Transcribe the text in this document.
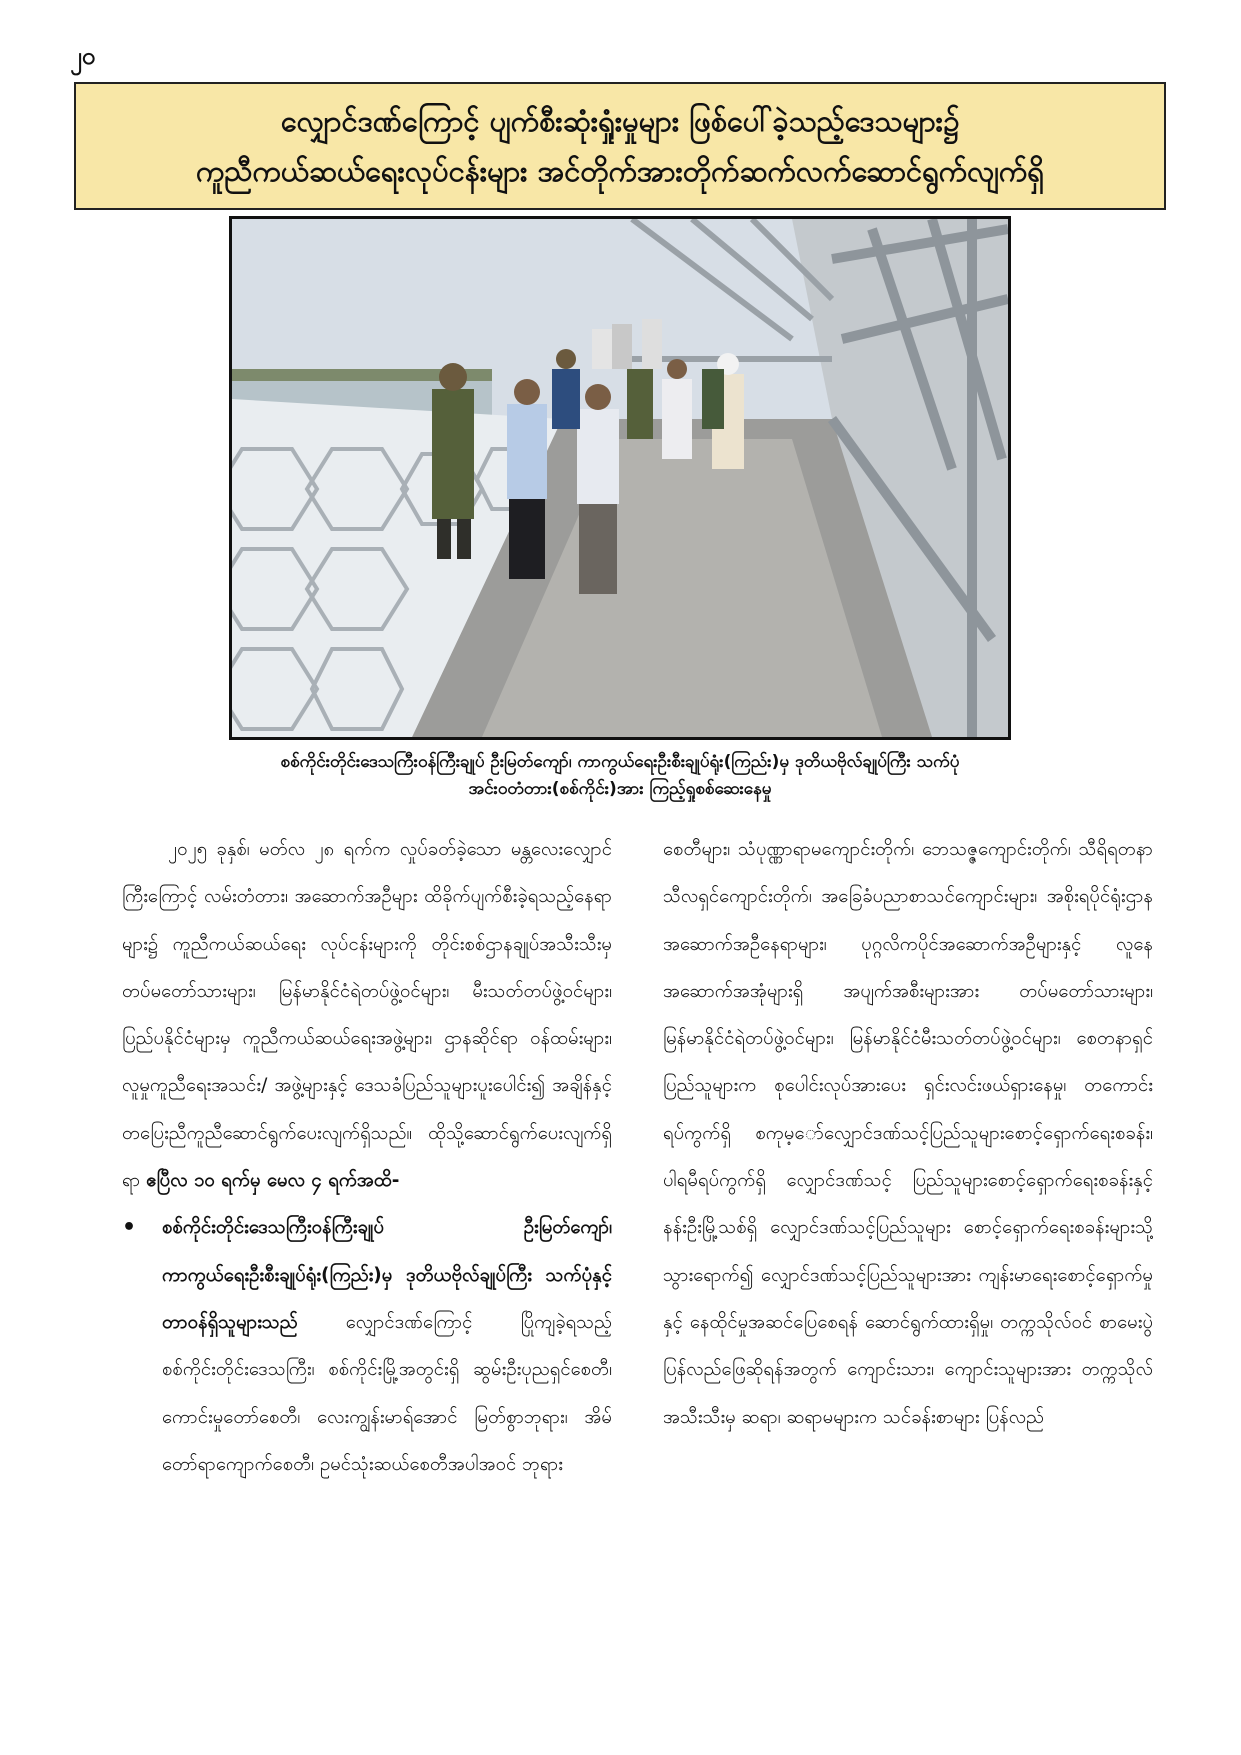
၂၀
လျှောင်ဒဏ်ကြောင့် ပျက်စီးဆုံးရှုံးမှုများ ဖြစ်ပေါ်ခဲ့သည့်ဒေသများ၌
ကူညီကယ်ဆယ်ရေးလုပ်ငန်းများ အင်တိုက်အားတိုက်ဆက်လက်ဆောင်ရွက်လျက်ရှိ
စစ်ကိုင်းတိုင်းဒေသကြီးဝန်ကြီးချုပ် ဦးမြတ်ကျော်၊ ကာကွယ်ရေးဦးစီးချုပ်ရုံး(ကြည်း)မှ ဒုတိယဗိုလ်ချုပ်ကြီး သက်ပုံ
အင်းဝတံတား(စစ်ကိုင်း)အား ကြည့်ရှုစစ်ဆေးနေမှု

၂၀၂၅ ခုနှစ်၊ မတ်လ ၂၈ ရက်က လှုပ်ခတ်ခဲ့သော မန္တလေးလျှောင်ကြီးကြောင့် လမ်းတံတား၊ အဆောက်အဦများ ထိခိုက်ပျက်စီးခဲ့ရသည့်နေရာများ၌ ကူညီကယ်ဆယ်ရေး လုပ်ငန်းများကို တိုင်းစစ်ဌာနချုပ်အသီးသီးမှ တပ်မတော်သားများ၊ မြန်မာနိုင်ငံရဲတပ်ဖွဲ့ဝင်များ၊ မီးသတ်တပ်ဖွဲ့ဝင်များ၊ ပြည်ပနိုင်ငံများမှ ကူညီကယ်ဆယ်ရေးအဖွဲ့များ၊ ဌာနဆိုင်ရာ ဝန်ထမ်းများ၊ လူမှုကူညီရေးအသင်း/ အဖွဲ့များနှင့် ဒေသခံပြည်သူများပူးပေါင်း၍ အချိန်နှင့်တပြေးညီကူညီဆောင်ရွက်ပေးလျက်ရှိသည်။ ထိုသို့ဆောင်ရွက်ပေးလျက်ရှိရာ ဧပြီလ ၁၀ ရက်မှ မေလ ၄ ရက်အထိ-

• စစ်ကိုင်းတိုင်းဒေသကြီးဝန်ကြီးချုပ် ဦးမြတ်ကျော်၊ ကာကွယ်ရေးဦးစီးချုပ်ရုံး(ကြည်း)မှ ဒုတိယဗိုလ်ချုပ်ကြီး သက်ပုံနှင့် တာဝန်ရှိသူများသည် လျှောင်ဒဏ်ကြောင့် ပြိုကျခဲ့ရသည့် စစ်ကိုင်းတိုင်းဒေသကြီး၊ စစ်ကိုင်းမြို့အတွင်းရှိ ဆွမ်းဦးပုညရှင်စေတီ၊ ကောင်းမှုတော်စေတီ၊ လေးကျွန်းမာရ်အောင် မြတ်စွာဘုရား၊ အိမ်တော်ရာကျောက်စေတီ၊ ဥမင်သုံးဆယ်စေတီအပါအဝင် ဘုရား

စေတီများ၊ သံပုဏ္ဏာရာမကျောင်းတိုက်၊ ဘေသဇ္ဇကျောင်းတိုက်၊ သီရိရတနာသီလရှင်ကျောင်းတိုက်၊ အခြေခံပညာစာသင်ကျောင်းများ၊ အစိုးရပိုင်ရုံးဌာနအဆောက်အဦနေရာများ၊ ပုဂ္ဂလိကပိုင်အဆောက်အဦများနှင့် လူနေအဆောက်အအုံများရှိ အပျက်အစီးများအား တပ်မတော်သားများ၊ မြန်မာနိုင်ငံရဲတပ်ဖွဲ့ဝင်များ၊ မြန်မာနိုင်ငံမီးသတ်တပ်ဖွဲ့ဝင်များ၊ စေတနာရှင်ပြည်သူများက စုပေါင်းလုပ်အားပေး ရှင်းလင်းဖယ်ရှားနေမှု၊ တကောင်းရပ်ကွက်ရှိ စကုမ့ော်လျှောင်ဒဏ်သင့်ပြည်သူများစောင့်ရှောက်ရေးစခန်း၊ ပါရမီရပ်ကွက်ရှိ လျှောင်ဒဏ်သင့် ပြည်သူများစောင့်ရှောက်ရေးစခန်းနှင့် နန်းဦးမြို့သစ်ရှိ လျှောင်ဒဏ်သင့်ပြည်သူများ စောင့်ရှောက်ရေးစခန်းများသို့သွားရောက်၍ လျှောင်ဒဏ်သင့်ပြည်သူများအား ကျန်းမာရေးစောင့်ရှောက်မှုနှင့် နေထိုင်မှုအဆင်ပြေစေရန် ဆောင်ရွက်ထားရှိမှု၊ တက္ကသိုလ်ဝင် စာမေးပွဲပြန်လည်ဖြေဆိုရန်အတွက် ကျောင်းသား၊ ကျောင်းသူများအား တက္ကသိုလ်အသီးသီးမှ ဆရာ၊ ဆရာမများက သင်ခန်းစာများ ပြန်လည်
